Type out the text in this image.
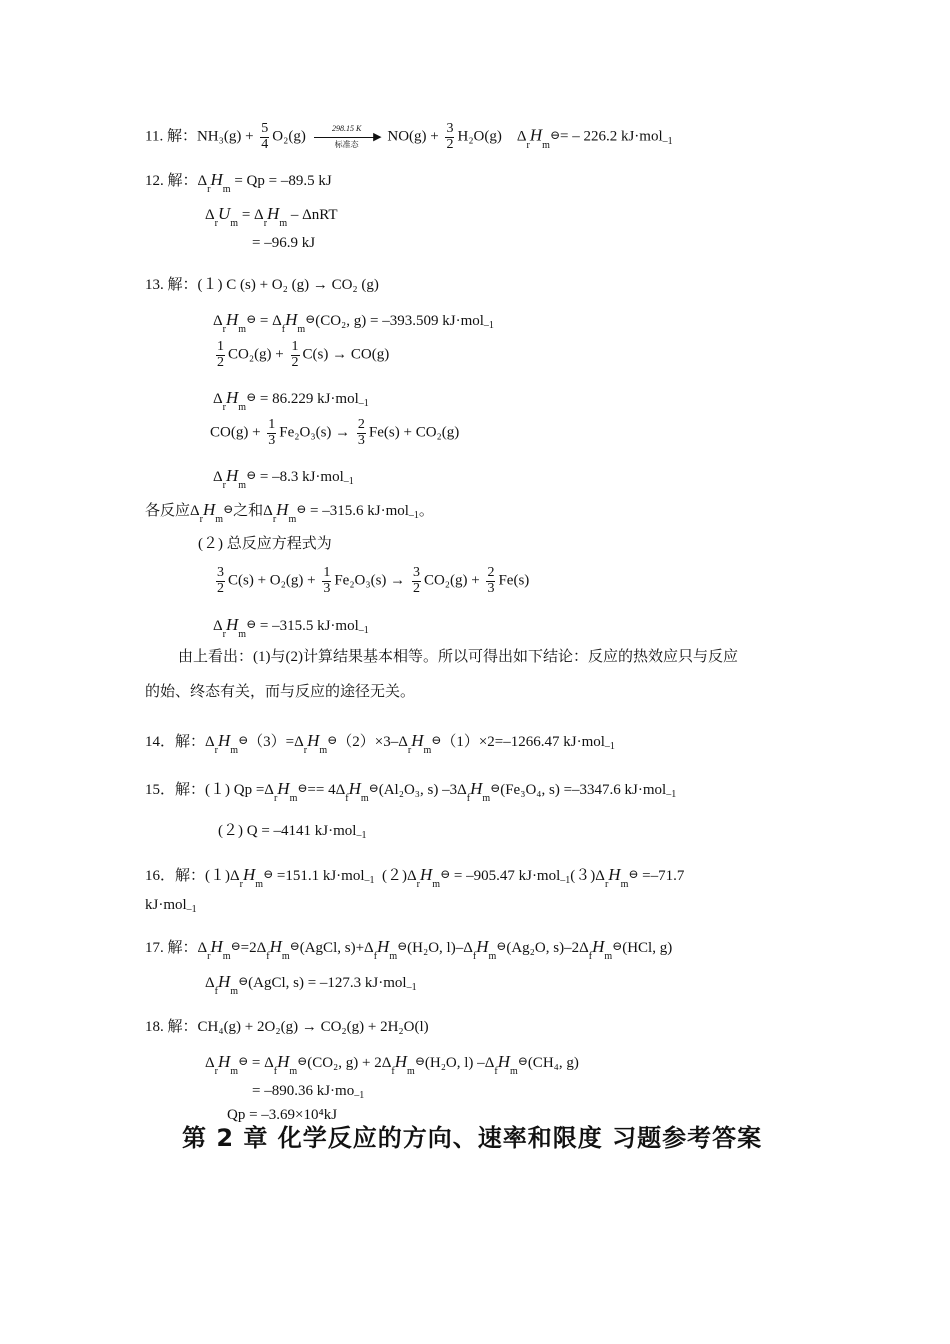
11. 解：$NH_3(g) + \frac{5}{4} O_2(g)$	298.15 K
▶
标准态
$NO(g) + \frac{3}{2} H_2O(g)$ $\Delta_rH_m⊖= - 226.2$ kJ·mol$_{-1}$
12. 解：$\Delta_rH_m = Qp = -89.5$ kJ
$\Delta_rU_m = \Delta_rH_m - \Delta nRT$
= –96.9 kJ
13. 解：(１) C (s) + O₂ (g) → CO₂ (g)
$\Delta_rH_m⊖$ = $\Delta_fH_m⊖(CO_2$, g) = –393.509 kJ·mol$_{-1}$
$\frac{1}{2} CO_2(g) + \frac{1}{2} C(s) \to CO(g)$
$\Delta_rH_m⊖ = 86.229$ kJ·mol$_{-1}$
$CO(g) + \frac{1}{3} Fe_2O_3(s) \to \frac{2}{3} Fe(s) + CO_2(g)$
$\Delta_rH_m⊖ = -8.3$ kJ·mol$_{-1}$
各反应$\Delta_rH_m⊖$之和$\Delta_rH_m⊖ = -315.6$ kJ·mol$_{-1}$。
(２) 总反应方程式为
$\frac{3}{2} C(s) + O_2(g) + \frac{1}{3} Fe_2O_3(s) \to \frac{3}{2} CO_2(g) + \frac{2}{3} Fe(s)$
$\Delta_rH_m⊖ = -315.5$ kJ·mol$_{-1}$
由上看出：(1)与(2)计算结果基本相等。所以可得出如下结论：反应的热效应只与反应
的始、终态有关，而与反应的途径无关。
14．解：$\Delta_rH_m⊖(3)=\Delta_rH_m⊖(2)\times 3-\Delta_rH_m⊖(1)\times 2=-1266.47$ kJ·mol$_{-1}$
15．解：(１) $Qp =\Delta_rH_m⊖==$ $4\Delta_fH_m⊖(Al_2O_3$, s) $-3\Delta_fH_m⊖(Fe_3O_4$, s) =–3347.6 kJ·mol$_{-1}$
(２) Q = –4141 kJ·mol$_{-1}$
16．解：$(1)\Delta_rH_m⊖ =151.1$ kJ·mol$_{-1}$ $(2)\Delta_rH_m⊖ = -905.47$ $kJ\cdot mol_{-1}(3)\Delta_rH_m⊖ =-71.7$
kJ·mol$_{-1}$
17. 解：$\Delta_rH_m⊖=2\Delta_fH_m⊖(AgCl$, $s)+\Delta_fH_m⊖(H_2O$, $l)-\Delta_fH_m⊖(Ag_2O$, $s)-2\Delta_fH_m⊖(HCl$, g)
$\Delta_fH_m⊖(AgCl$, s) = –127.3 kJ·mol$_{-1}$
18. 解：CH₄(g) + 2O₂(g) → CO₂(g) + 2H₂O(l)
$\Delta_rH_m⊖$ = $\Delta_fH_m⊖(CO_2$, $g) + 2\Delta_fH_m⊖(H_2O$, l) $-\Delta_fH_m⊖(CH_4$, g)
= –890.36 $kJ\cdot mo_{-1}$
Qp = –3.69×10⁴kJ
第 2 章 化学反应的方向、速率和限度 习题参考答案
